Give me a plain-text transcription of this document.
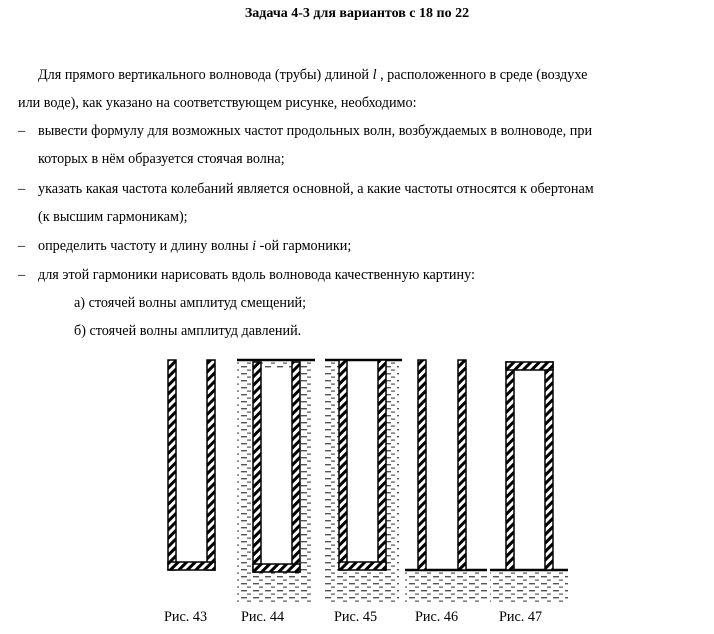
Задача 4-3 для вариантов с 18 по 22
Для прямого вертикального волновода (трубы) длиной l , расположенного в среде (воздухе
или воде), как указано на соответствующем рисунке, необходимо:
– вывести формулу для возможных частот продольных волн, возбуждаемых в волноводе, при
которых в нём образуется стоячая волна;
– указать какая частота колебаний является основной, а какие частоты относятся к обертонам
(к высшим гармоникам);
– определить частоту и длину волны i -ой гармоники;
– для этой гармоники нарисовать вдоль волновода качественную картину:
а) стоячей волны амплитуд смещений;
б) стоячей волны амплитуд давлений.
Рис. 43 Рис. 44	Рис. 45	Рис. 46	Рис. 47
